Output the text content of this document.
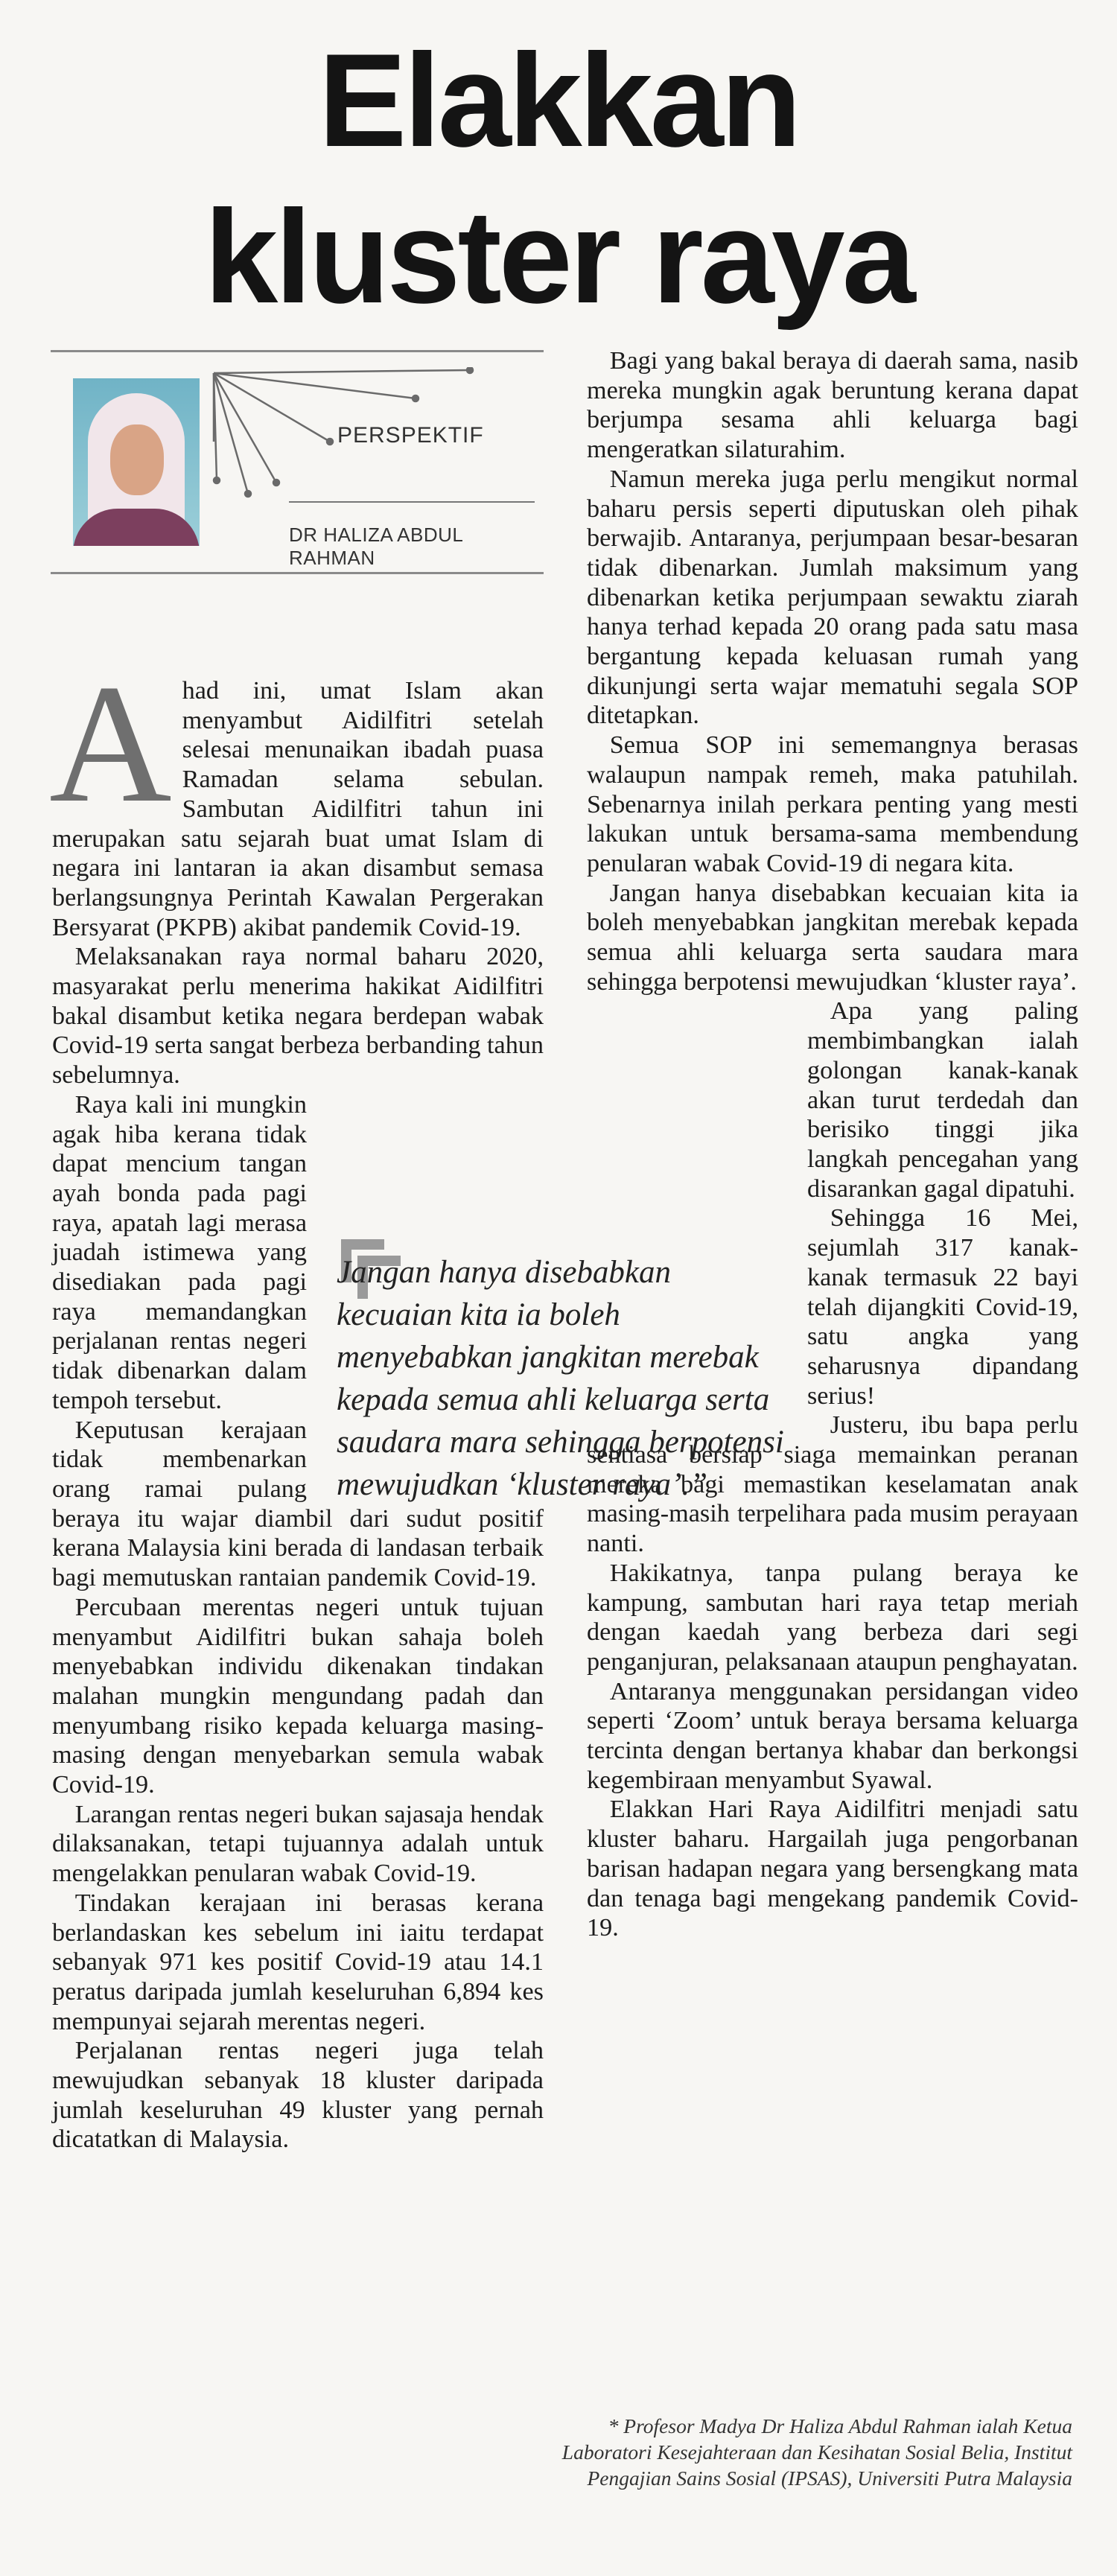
Elakkan
kluster raya
PERSPEKTIF
DR HALIZA ABDUL RAHMAN

Ahad ini, umat Islam akan menyambut Aidilfitri setelah selesai menunaikan ibadah puasa Ramadan selama sebulan. Sambutan Aidilfitri tahun ini merupakan satu sejarah buat umat Islam di negara ini lantaran ia akan disambut semasa berlangsungnya Perintah Kawalan Pergerakan Bersyarat (PKPB) akibat pandemik Covid-19.

Melaksanakan raya normal baharu 2020, masyarakat perlu menerima hakikat Aidilfitri bakal disambut ketika negara berdepan wabak Covid-19 serta sangat berbeza berbanding tahun sebelumnya.

Raya kali ini mungkin agak hiba kerana tidak dapat mencium tangan ayah bonda pada pagi raya, apatah lagi merasa juadah istimewa yang disediakan pada pagi raya memandangkan perjalanan rentas negeri tidak dibenarkan dalam tempoh tersebut.

Keputusan kerajaan tidak membenarkan orang ramai pulang beraya itu wajar diambil dari sudut positif kerana Malaysia kini berada di landasan terbaik bagi memutuskan rantaian pandemik Covid-19.

Percubaan merentas negeri untuk tujuan menyambut Aidilfitri bukan sahaja boleh menyebabkan individu dikenakan tindakan malahan mungkin mengundang padah dan menyumbang risiko kepada keluarga masing-masing dengan menyebarkan semula wabak Covid-19.

Larangan rentas negeri bukan sajasaja hendak dilaksanakan, tetapi tujuannya adalah untuk mengelakkan penularan wabak Covid-19.

Tindakan kerajaan ini berasas kerana berlandaskan kes sebelum ini iaitu terdapat sebanyak 971 kes positif Covid-19 atau 14.1 peratus daripada jumlah keseluruhan 6,894 kes mempunyai sejarah merentas negeri.

Perjalanan rentas negeri juga telah mewujudkan sebanyak 18 kluster daripada jumlah keseluruhan 49 kluster yang pernah dicatatkan di Malaysia.

Bagi yang bakal beraya di daerah sama, nasib mereka mungkin agak beruntung kerana dapat berjumpa sesama ahli keluarga bagi mengeratkan silaturahim.

Namun mereka juga perlu mengikut normal baharu persis seperti diputuskan oleh pihak berwajib. Antaranya, perjumpaan besar-besaran tidak dibenarkan. Jumlah maksimum yang dibenarkan ketika perjumpaan sewaktu ziarah hanya terhad kepada 20 orang pada satu masa bergantung kepada keluasan rumah yang dikunjungi serta wajar mematuhi segala SOP ditetapkan.

Semua SOP ini sememangnya berasas walaupun nampak remeh, maka patuhilah. Sebenarnya inilah perkara penting yang mesti lakukan untuk bersama-sama membendung penularan wabak Covid-19 di negara kita.

Jangan hanya disebabkan kecuaian kita ia boleh menyebabkan jangkitan merebak kepada semua ahli keluarga serta saudara mara sehingga berpotensi mewujudkan ‘kluster raya’.

Apa yang paling membimbangkan ialah golongan kanak-kanak akan turut terdedah dan berisiko tinggi jika langkah pencegahan yang disarankan gagal dipatuhi.

Sehingga 16 Mei, sejumlah 317 kanak-kanak termasuk 22 bayi telah dijangkiti Covid-19, satu angka yang seharusnya dipandang serius!

Justeru, ibu bapa perlu sentiasa bersiap siaga memainkan peranan mereka bagi memastikan keselamatan anak masing-masih terpelihara pada musim perayaan nanti.

Hakikatnya, tanpa pulang beraya ke kampung, sambutan hari raya tetap meriah dengan kaedah yang berbeza dari segi penganjuran, pelaksanaan ataupun penghayatan.

Antaranya menggunakan persidangan video seperti ‘Zoom’ untuk beraya bersama keluarga tercinta dengan bertanya khabar dan berkongsi kegembiraan menyambut Syawal.

Elakkan Hari Raya Aidilfitri menjadi satu kluster baharu. Hargailah juga pengorbanan barisan hadapan negara yang bersengkang mata dan tenaga bagi mengekang pandemik Covid-19.

Jangan hanya disebabkan kecuaian kita ia boleh menyebabkan jangkitan merebak kepada semua ahli keluarga serta saudara mara sehingga berpotensi mewujudkan ‘kluster raya’.”
* Profesor Madya Dr Haliza Abdul Rahman ialah Ketua Laboratori Kesejahteraan dan Kesihatan Sosial Belia, Institut Pengajian Sains Sosial (IPSAS), Universiti Putra Malaysia
